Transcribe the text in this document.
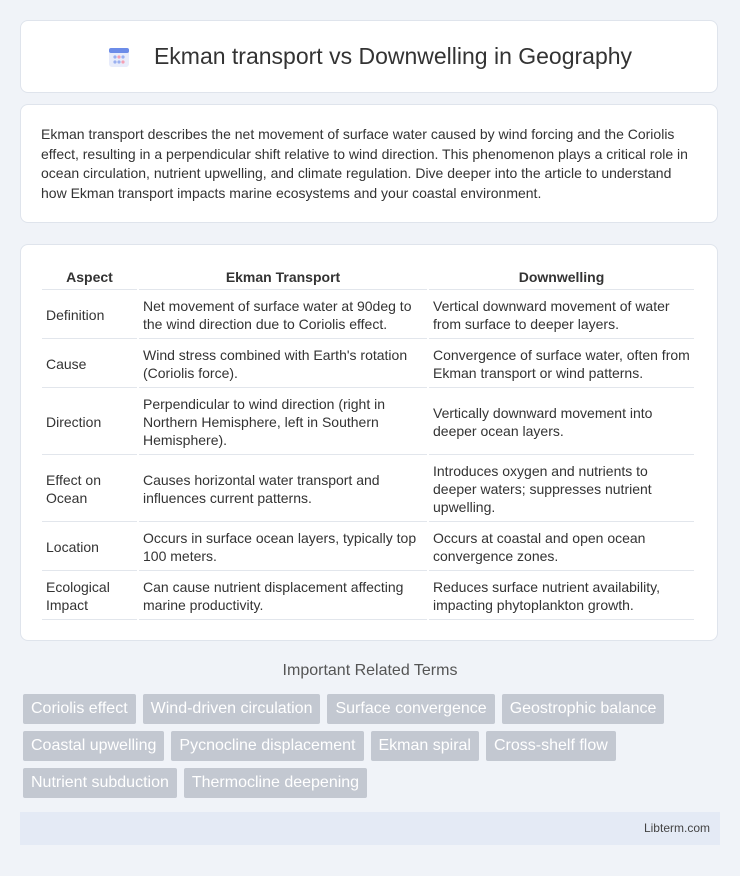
Ekman transport vs Downwelling in Geography
Ekman transport describes the net movement of surface water caused by wind forcing and the Coriolis effect, resulting in a perpendicular shift relative to wind direction. This phenomenon plays a critical role in ocean circulation, nutrient upwelling, and climate regulation. Dive deeper into the article to understand how Ekman transport impacts marine ecosystems and your coastal environment.
Aspect	Ekman Transport	Downwelling
Definition	Net movement of surface water at 90deg to the wind direction due to Coriolis effect.	Vertical downward movement of water from surface to deeper layers.
Cause	Wind stress combined with Earth's rotation (Coriolis force).	Convergence of surface water, often from Ekman transport or wind patterns.
Direction	Perpendicular to wind direction (right in Northern Hemisphere, left in Southern Hemisphere).	Vertically downward movement into deeper ocean layers.
Effect on Ocean	Causes horizontal water transport and influences current patterns.	Introduces oxygen and nutrients to deeper waters; suppresses nutrient upwelling.
Location	Occurs in surface ocean layers, typically top 100 meters.	Occurs at coastal and open ocean convergence zones.
Ecological Impact	Can cause nutrient displacement affecting marine productivity.	Reduces surface nutrient availability, impacting phytoplankton growth.
Important Related Terms
Coriolis effect	Wind-driven circulation	Surface convergence	Geostrophic balance
Coastal upwelling	Pycnocline displacement	Ekman spiral	Cross-shelf flow
Nutrient subduction	Thermocline deepening
Libterm.com
